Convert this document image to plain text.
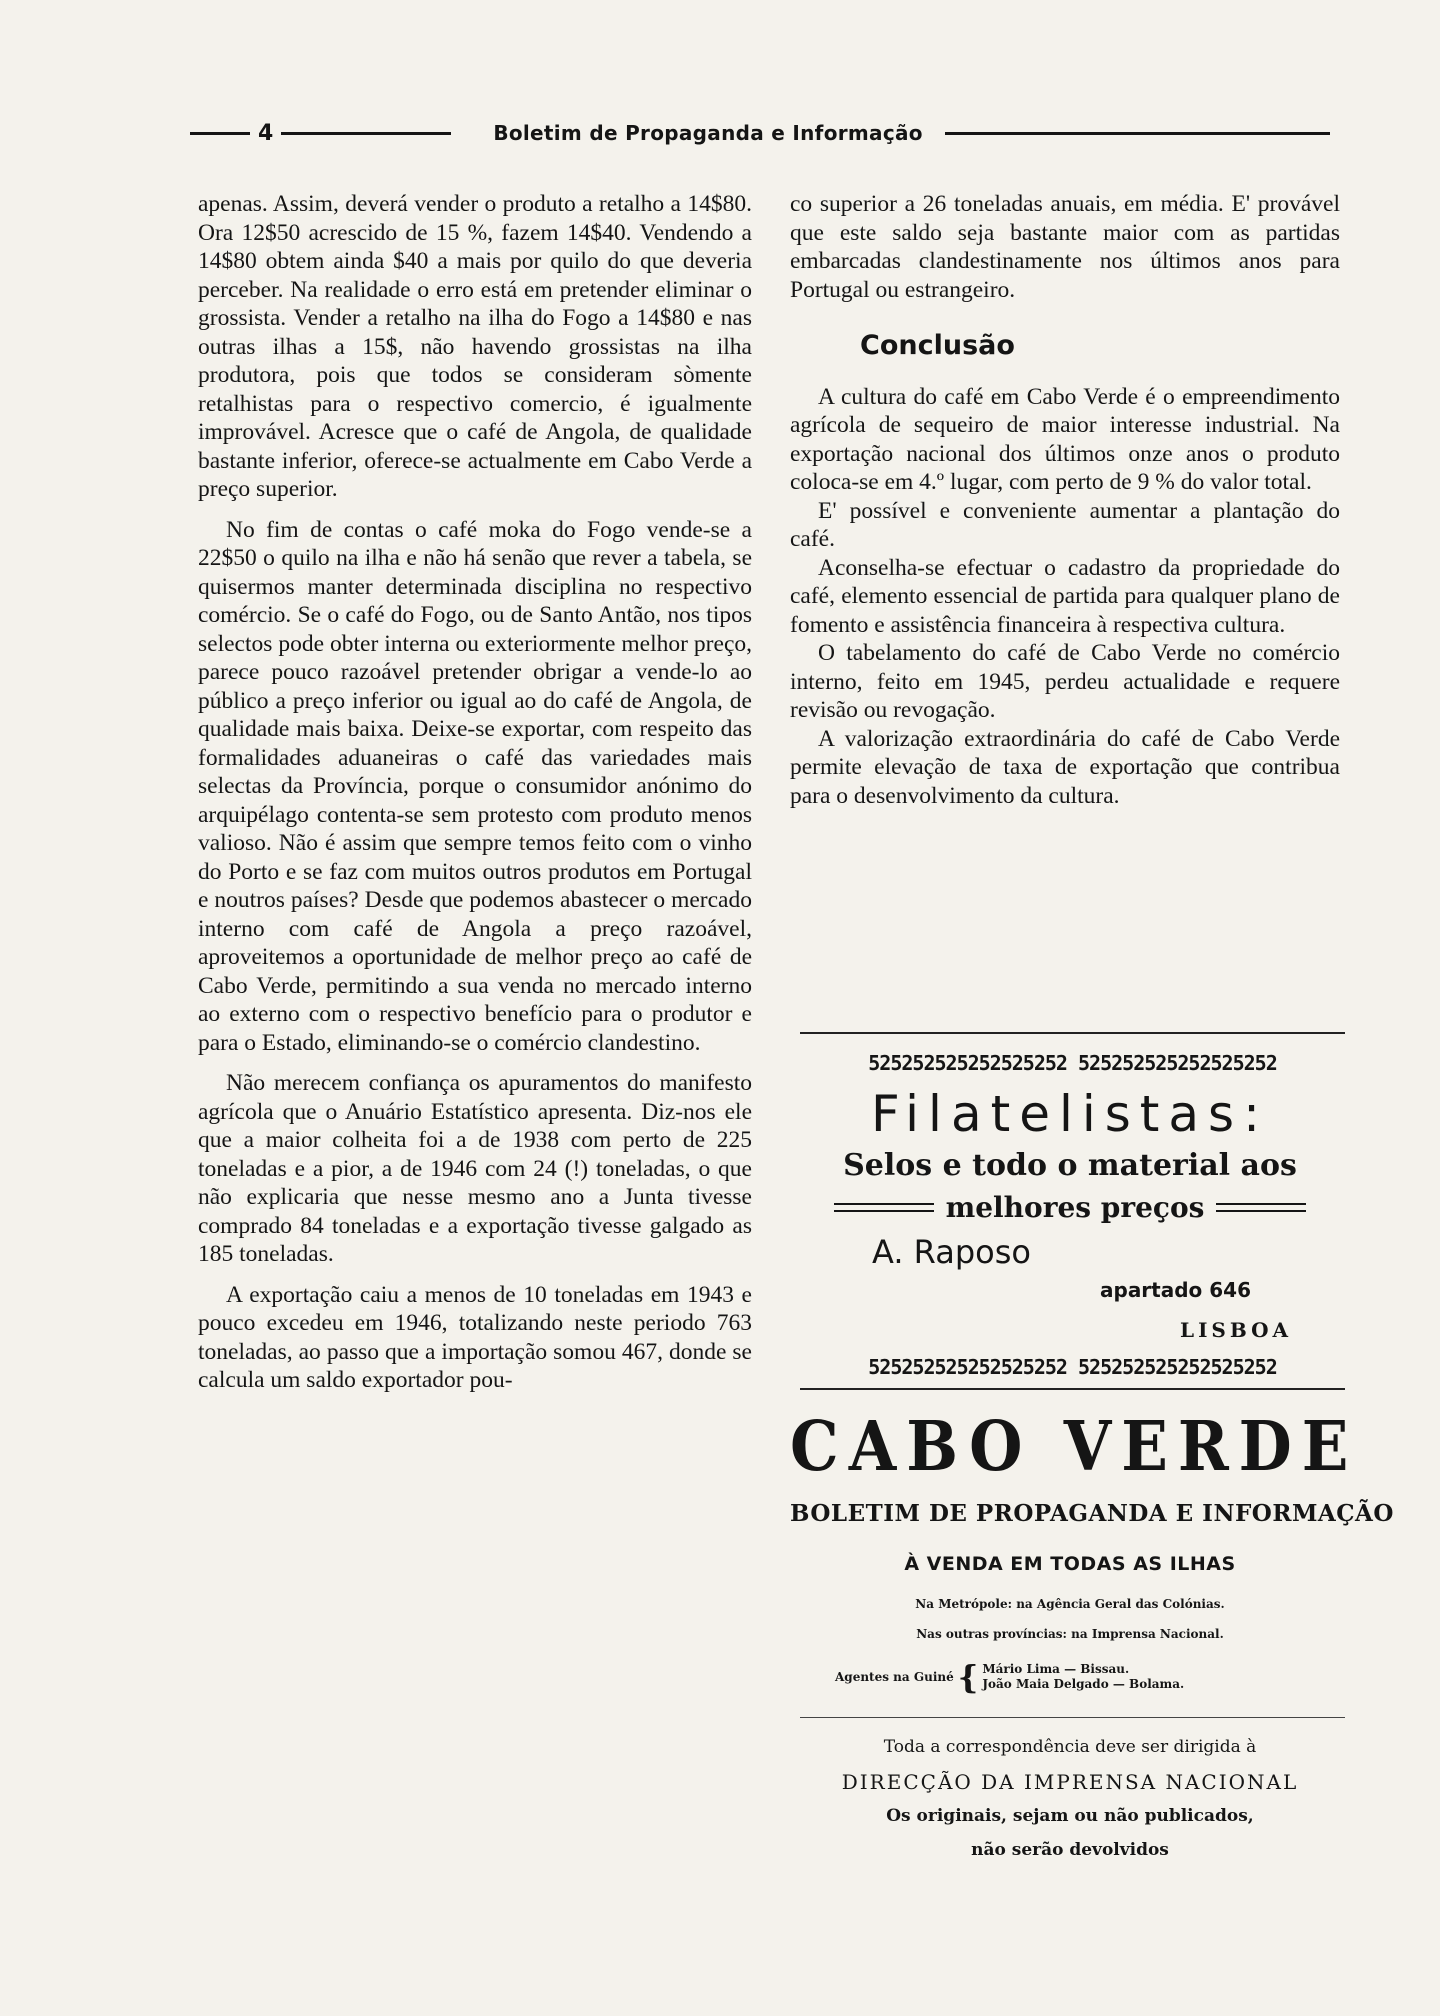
4	Boletim de Propaganda e Informação

apenas. Assim, deverá vender o produto a retalho a 14$80. Ora 12$50 acrescido de 15 %, fazem 14$40. Vendendo a 14$80 obtem ainda $40 a mais por quilo do que deveria perceber. Na realidade o erro está em pretender eliminar o grossista. Vender a retalho na ilha do Fogo a 14$80 e nas outras ilhas a 15$, não havendo grossistas na ilha produtora, pois que todos se consideram sòmente retalhistas para o respectivo comercio, é igualmente improvável. Acresce que o café de Angola, de qualidade bastante inferior, oferece-se actualmente em Cabo Verde a preço superior.

No fim de contas o café moka do Fogo vende-se a 22$50 o quilo na ilha e não há senão que rever a tabela, se quisermos manter determinada disciplina no respectivo comércio. Se o café do Fogo, ou de Santo Antão, nos tipos selectos pode obter interna ou exteriormente melhor preço, parece pouco razoável pretender obrigar a vende-lo ao público a preço inferior ou igual ao do café de Angola, de qualidade mais baixa. Deixe-se exportar, com respeito das formalidades aduaneiras o café das variedades mais selectas da Província, porque o consumidor anónimo do arquipélago contenta-se sem protesto com produto menos valioso. Não é assim que sempre temos feito com o vinho do Porto e se faz com muitos outros produtos em Portugal e noutros países? Desde que podemos abastecer o mercado interno com café de Angola a preço razoável, aproveitemos a oportunidade de melhor preço ao café de Cabo Verde, permitindo a sua venda no mercado interno ao externo com o respectivo benefício para o produtor e para o Estado, eliminando-se o comércio clandestino.

Não merecem confiança os apuramentos do manifesto agrícola que o Anuário Estatístico apresenta. Diz-nos ele que a maior colheita foi a de 1938 com perto de 225 toneladas e a pior, a de 1946 com 24 (!) toneladas, o que não explicaria que nesse mesmo ano a Junta tivesse comprado 84 toneladas e a exportação tivesse galgado as 185 toneladas.

A exportação caiu a menos de 10 toneladas em 1943 e pouco excedeu em 1946, totalizando neste periodo 763 toneladas, ao passo que a importação somou 467, donde se calcula um saldo exportador pou-

co superior a 26 toneladas anuais, em média. E' provável que este saldo seja bastante maior com as partidas embarcadas clandestinamente nos últimos anos para Portugal ou estrangeiro.

Conclusão

A cultura do café em Cabo Verde é o empreendimento agrícola de sequeiro de maior interesse industrial. Na exportação nacional dos últimos onze anos o produto coloca-se em 4.º lugar, com perto de 9 % do valor total.

E' possível e conveniente aumentar a plantação do café.

Aconselha-se efectuar o cadastro da propriedade do café, elemento essencial de partida para qualquer plano de fomento e assistência financeira à respectiva cultura.

O tabelamento do café de Cabo Verde no comércio interno, feito em 1945, perdeu actualidade e requere revisão ou revogação.

A valorização extraordinária do café de Cabo Verde permite elevação de taxa de exportação que contribua para o desenvolvimento da cultura.

525252525252525252 525252525252525252
Filatelistas:
Selos e todo o material aos
melhores preços
A. Raposo
apartado 646
LISBOA
525252525252525252 525252525252525252
CABO VERDE
BOLETIM DE PROPAGANDA E INFORMAÇÃO
À VENDA EM TODAS AS ILHAS
Na Metrópole: na Agência Geral das Colónias.
Nas outras províncias: na Imprensa Nacional.
Agentes na Guiné { Mário Lima — Bissau.
João Maia Delgado — Bolama.
Toda a correspondência deve ser dirigida à
DIRECÇÃO DA IMPRENSA NACIONAL
Os originais, sejam ou não publicados,
não serão devolvidos
